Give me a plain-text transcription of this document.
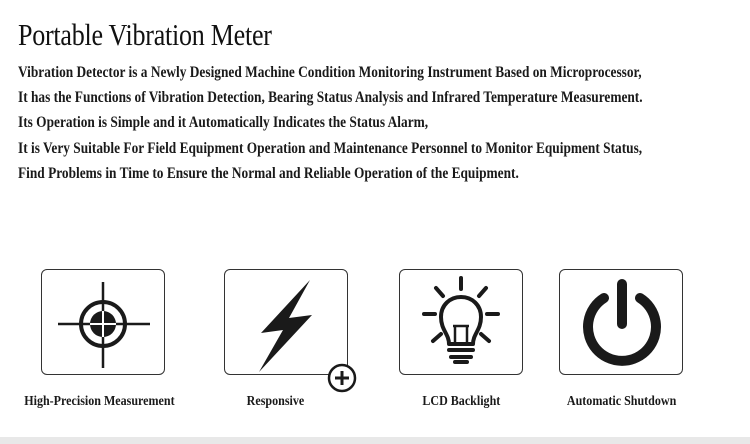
Portable Vibration Meter
Vibration Detector is a Newly Designed Machine Condition Monitoring Instrument Based on Microprocessor,
It has the Functions of Vibration Detection, Bearing Status Analysis and Infrared Temperature Measurement.
Its Operation is Simple and it Automatically Indicates the Status Alarm,
It is Very Suitable For Field Equipment Operation and Maintenance Personnel to Monitor Equipment Status,
Find Problems in Time to Ensure the Normal and Reliable Operation of the Equipment.
High-Precision Measurement	Responsive	LCD Backlight	Automatic Shutdown
